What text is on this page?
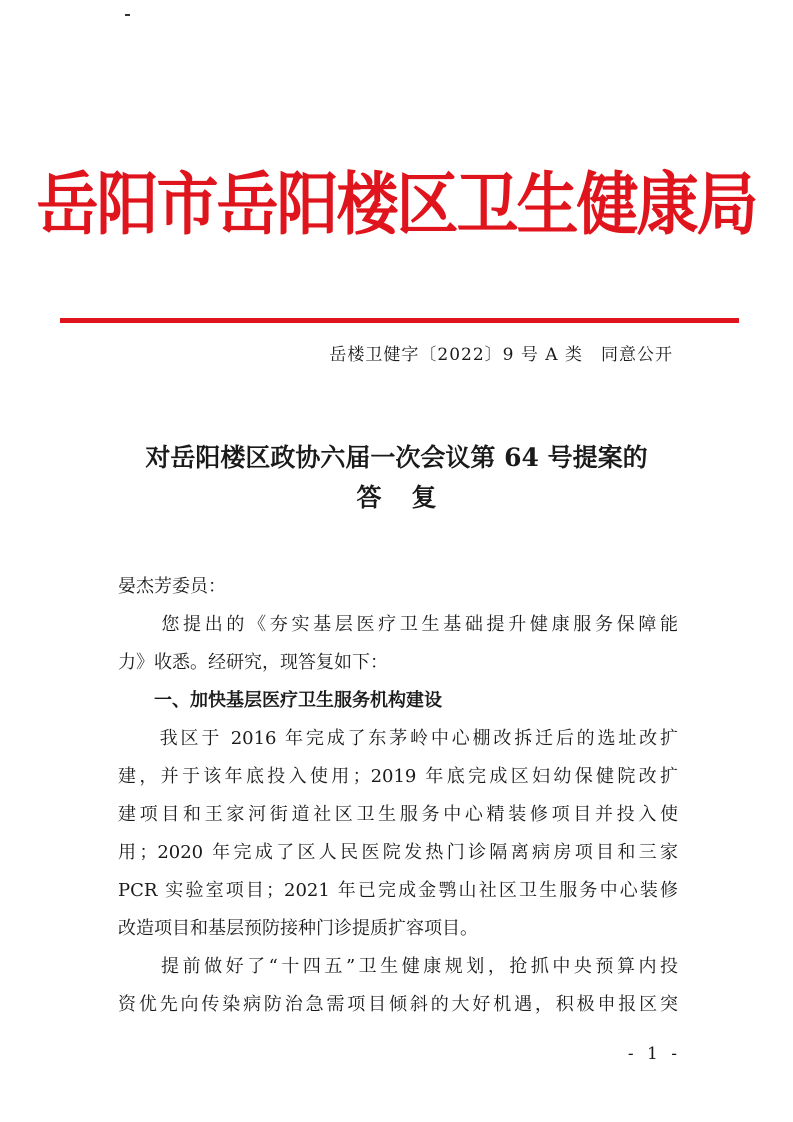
岳阳市岳阳楼区卫生健康局
岳楼卫健字〔2022〕9 号 A 类　同意公开
对岳阳楼区政协六届一次会议第 64 号提案的
答复
晏杰芳委员：
　　您提出的《夯实基层医疗卫生基础提升健康服务保障能
力》收悉。经研究，现答复如下：
一、加快基层医疗卫生服务机构建设
　　我区于 2016 年完成了东茅岭中心棚改拆迁后的选址改扩
建，并于该年底投入使用；2019 年底完成区妇幼保健院改扩
建项目和王家河街道社区卫生服务中心精装修项目并投入使
用；2020 年完成了区人民医院发热门诊隔离病房项目和三家
PCR 实验室项目；2021 年已完成金鹗山社区卫生服务中心装修
改造项目和基层预防接种门诊提质扩容项目。
　　提前做好了“十四五”卫生健康规划，抢抓中央预算内投
资优先向传染病防治急需项目倾斜的大好机遇，积极申报区突
- 1 -
